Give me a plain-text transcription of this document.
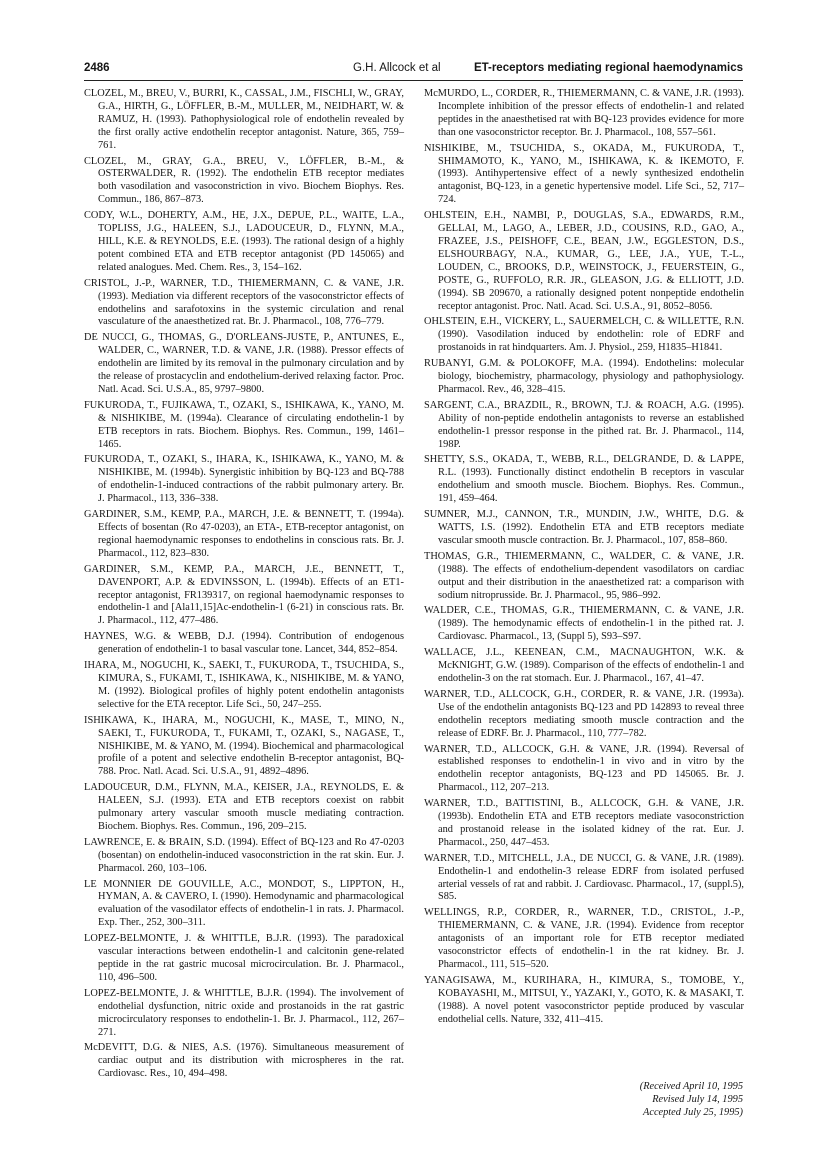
2486	G.H. Allcock et al	ET-receptors mediating regional haemodynamics

CLOZEL, M., BREU, V., BURRI, K., CASSAL, J.M., FISCHLI, W., GRAY, G.A., HIRTH, G., LÖFFLER, B.-M., MULLER, M., NEIDHART, W. & RAMUZ, H. (1993). Pathophysiological role of endothelin revealed by the first orally active endothelin receptor antagonist. Nature, 365, 759–761.

CLOZEL, M., GRAY, G.A., BREU, V., LÖFFLER, B.-M., & OSTERWALDER, R. (1992). The endothelin ETB receptor mediates both vasodilation and vasoconstriction in vivo. Biochem Biophys. Res. Commun., 186, 867–873.

CODY, W.L., DOHERTY, A.M., HE, J.X., DEPUE, P.L., WAITE, L.A., TOPLISS, J.G., HALEEN, S.J., LADOUCEUR, D., FLYNN, M.A., HILL, K.E. & REYNOLDS, E.E. (1993). The rational design of a highly potent combined ETA and ETB receptor antagonist (PD 145065) and related analogues. Med. Chem. Res., 3, 154–162.

CRISTOL, J.-P., WARNER, T.D., THIEMERMANN, C. & VANE, J.R. (1993). Mediation via different receptors of the vasoconstrictor effects of endothelins and sarafotoxins in the systemic circulation and renal vasculature of the anaesthetized rat. Br. J. Pharmacol., 108, 776–779.

DE NUCCI, G., THOMAS, G., D'ORLEANS-JUSTE, P., ANTUNES, E., WALDER, C., WARNER, T.D. & VANE, J.R. (1988). Pressor effects of endothelin are limited by its removal in the pulmonary circulation and by the release of prostacyclin and endothelium-derived relaxing factor. Proc. Natl. Acad. Sci. U.S.A., 85, 9797–9800.

FUKURODA, T., FUJIKAWA, T., OZAKI, S., ISHIKAWA, K., YANO, M. & NISHIKIBE, M. (1994a). Clearance of circulating endothelin-1 by ETB receptors in rats. Biochem. Biophys. Res. Commun., 199, 1461–1465.

FUKURODA, T., OZAKI, S., IHARA, K., ISHIKAWA, K., YANO, M. & NISHIKIBE, M. (1994b). Synergistic inhibition by BQ-123 and BQ-788 of endothelin-1-induced contractions of the rabbit pulmonary artery. Br. J. Pharmacol., 113, 336–338.

GARDINER, S.M., KEMP, P.A., MARCH, J.E. & BENNETT, T. (1994a). Effects of bosentan (Ro 47-0203), an ETA-, ETB-receptor antagonist, on regional haemodynamic responses to endothelins in conscious rats. Br. J. Pharmacol., 112, 823–830.

GARDINER, S.M., KEMP, P.A., MARCH, J.E., BENNETT, T., DAVENPORT, A.P. & EDVINSSON, L. (1994b). Effects of an ET1-receptor antagonist, FR139317, on regional haemodynamic responses to endothelin-1 and [Ala11,15]Ac-endothelin-1 (6-21) in conscious rats. Br. J. Pharmacol., 112, 477–486.

HAYNES, W.G. & WEBB, D.J. (1994). Contribution of endogenous generation of endothelin-1 to basal vascular tone. Lancet, 344, 852–854.

IHARA, M., NOGUCHI, K., SAEKI, T., FUKURODA, T., TSUCHIDA, S., KIMURA, S., FUKAMI, T., ISHIKAWA, K., NISHIKIBE, M. & YANO, M. (1992). Biological profiles of highly potent endothelin antagonists selective for the ETA receptor. Life Sci., 50, 247–255.

ISHIKAWA, K., IHARA, M., NOGUCHI, K., MASE, T., MINO, N., SAEKI, T., FUKURODA, T., FUKAMI, T., OZAKI, S., NAGASE, T., NISHIKIBE, M. & YANO, M. (1994). Biochemical and pharmacological profile of a potent and selective endothelin B-receptor antagonist, BQ-788. Proc. Natl. Acad. Sci. U.S.A., 91, 4892–4896.

LADOUCEUR, D.M., FLYNN, M.A., KEISER, J.A., REYNOLDS, E. & HALEEN, S.J. (1993). ETA and ETB receptors coexist on rabbit pulmonary artery vascular smooth muscle mediating contraction. Biochem. Biophys. Res. Commun., 196, 209–215.

LAWRENCE, E. & BRAIN, S.D. (1994). Effect of BQ-123 and Ro 47-0203 (bosentan) on endothelin-induced vasoconstriction in the rat skin. Eur. J. Pharmacol. 260, 103–106.

LE MONNIER DE GOUVILLE, A.C., MONDOT, S., LIPPTON, H., HYMAN, A. & CAVERO, I. (1990). Hemodynamic and pharmacological evaluation of the vasodilator effects of endothelin-1 in rats. J. Pharmacol. Exp. Ther., 252, 300–311.

LOPEZ-BELMONTE, J. & WHITTLE, B.J.R. (1993). The paradoxical vascular interactions between endothelin-1 and calcitonin gene-related peptide in the rat gastric mucosal microcirculation. Br. J. Pharmacol., 110, 496–500.

LOPEZ-BELMONTE, J. & WHITTLE, B.J.R. (1994). The involvement of endothelial dysfunction, nitric oxide and prostanoids in the rat gastric microcirculatory responses to endothelin-1. Br. J. Pharmacol., 112, 267–271.

McDEVITT, D.G. & NIES, A.S. (1976). Simultaneous measurement of cardiac output and its distribution with microspheres in the rat. Cardiovasc. Res., 10, 494–498.

McMURDO, L., CORDER, R., THIEMERMANN, C. & VANE, J.R. (1993). Incomplete inhibition of the pressor effects of endothelin-1 and related peptides in the anaesthetised rat with BQ-123 provides evidence for more than one vasoconstrictor receptor. Br. J. Pharmacol., 108, 557–561.

NISHIKIBE, M., TSUCHIDA, S., OKADA, M., FUKURODA, T., SHIMAMOTO, K., YANO, M., ISHIKAWA, K. & IKEMOTO, F. (1993). Antihypertensive effect of a newly synthesized endothelin antagonist, BQ-123, in a genetic hypertensive model. Life Sci., 52, 717–724.

OHLSTEIN, E.H., NAMBI, P., DOUGLAS, S.A., EDWARDS, R.M., GELLAI, M., LAGO, A., LEBER, J.D., COUSINS, R.D., GAO, A., FRAZEE, J.S., PEISHOFF, C.E., BEAN, J.W., EGGLESTON, D.S., ELSHOURBAGY, N.A., KUMAR, G., LEE, J.A., YUE, T.-L., LOUDEN, C., BROOKS, D.P., WEINSTOCK, J., FEUERSTEIN, G., POSTE, G., RUFFOLO, R.R. JR., GLEASON, J.G. & ELLIOTT, J.D. (1994). SB 209670, a rationally designed potent nonpeptide endothelin receptor antagonist. Proc. Natl. Acad. Sci. U.S.A., 91, 8052–8056.

OHLSTEIN, E.H., VICKERY, L., SAUERMELCH, C. & WILLETTE, R.N. (1990). Vasodilation induced by endothelin: role of EDRF and prostanoids in rat hindquarters. Am. J. Physiol., 259, H1835–H1841.

RUBANYI, G.M. & POLOKOFF, M.A. (1994). Endothelins: molecular biology, biochemistry, pharmacology, physiology and pathophysiology. Pharmacol. Rev., 46, 328–415.

SARGENT, C.A., BRAZDIL, R., BROWN, T.J. & ROACH, A.G. (1995). Ability of non-peptide endothelin antagonists to reverse an established endothelin-1 pressor response in the pithed rat. Br. J. Pharmacol., 114, 198P.

SHETTY, S.S., OKADA, T., WEBB, R.L., DELGRANDE, D. & LAPPE, R.L. (1993). Functionally distinct endothelin B receptors in vascular endothelium and smooth muscle. Biochem. Biophys. Res. Commun., 191, 459–464.

SUMNER, M.J., CANNON, T.R., MUNDIN, J.W., WHITE, D.G. & WATTS, I.S. (1992). Endothelin ETA and ETB receptors mediate vascular smooth muscle contraction. Br. J. Pharmacol., 107, 858–860.

THOMAS, G.R., THIEMERMANN, C., WALDER, C. & VANE, J.R. (1988). The effects of endothelium-dependent vasodilators on cardiac output and their distribution in the anaesthetized rat: a comparison with sodium nitroprusside. Br. J. Pharmacol., 95, 986–992.

WALDER, C.E., THOMAS, G.R., THIEMERMANN, C. & VANE, J.R. (1989). The hemodynamic effects of endothelin-1 in the pithed rat. J. Cardiovasc. Pharmacol., 13, (Suppl 5), S93–S97.

WALLACE, J.L., KEENEAN, C.M., MACNAUGHTON, W.K. & McKNIGHT, G.W. (1989). Comparison of the effects of endothelin-1 and endothelin-3 on the rat stomach. Eur. J. Pharmacol., 167, 41–47.

WARNER, T.D., ALLCOCK, G.H., CORDER, R. & VANE, J.R. (1993a). Use of the endothelin antagonists BQ-123 and PD 142893 to reveal three endothelin receptors mediating smooth muscle contraction and the release of EDRF. Br. J. Pharmacol., 110, 777–782.

WARNER, T.D., ALLCOCK, G.H. & VANE, J.R. (1994). Reversal of established responses to endothelin-1 in vivo and in vitro by the endothelin receptor antagonists, BQ-123 and PD 145065. Br. J. Pharmacol., 112, 207–213.

WARNER, T.D., BATTISTINI, B., ALLCOCK, G.H. & VANE, J.R. (1993b). Endothelin ETA and ETB receptors mediate vasoconstriction and prostanoid release in the isolated kidney of the rat. Eur. J. Pharmacol., 250, 447–453.

WARNER, T.D., MITCHELL, J.A., DE NUCCI, G. & VANE, J.R. (1989). Endothelin-1 and endothelin-3 release EDRF from isolated perfused arterial vessels of rat and rabbit. J. Cardiovasc. Pharmacol., 17, (suppl.5), S85.

WELLINGS, R.P., CORDER, R., WARNER, T.D., CRISTOL, J.-P., THIEMERMANN, C. & VANE, J.R. (1994). Evidence from receptor antagonists of an important role for ETB receptor mediated vasoconstrictor effects of endothelin-1 in the rat kidney. Br. J. Pharmacol., 111, 515–520.

YANAGISAWA, M., KURIHARA, H., KIMURA, S., TOMOBE, Y., KOBAYASHI, M., MITSUI, Y., YAZAKI, Y., GOTO, K. & MASAKI, T. (1988). A novel potent vasoconstrictor peptide produced by vascular endothelial cells. Nature, 332, 411–415.

(Received April 10, 1995
Revised July 14, 1995
Accepted July 25, 1995)
